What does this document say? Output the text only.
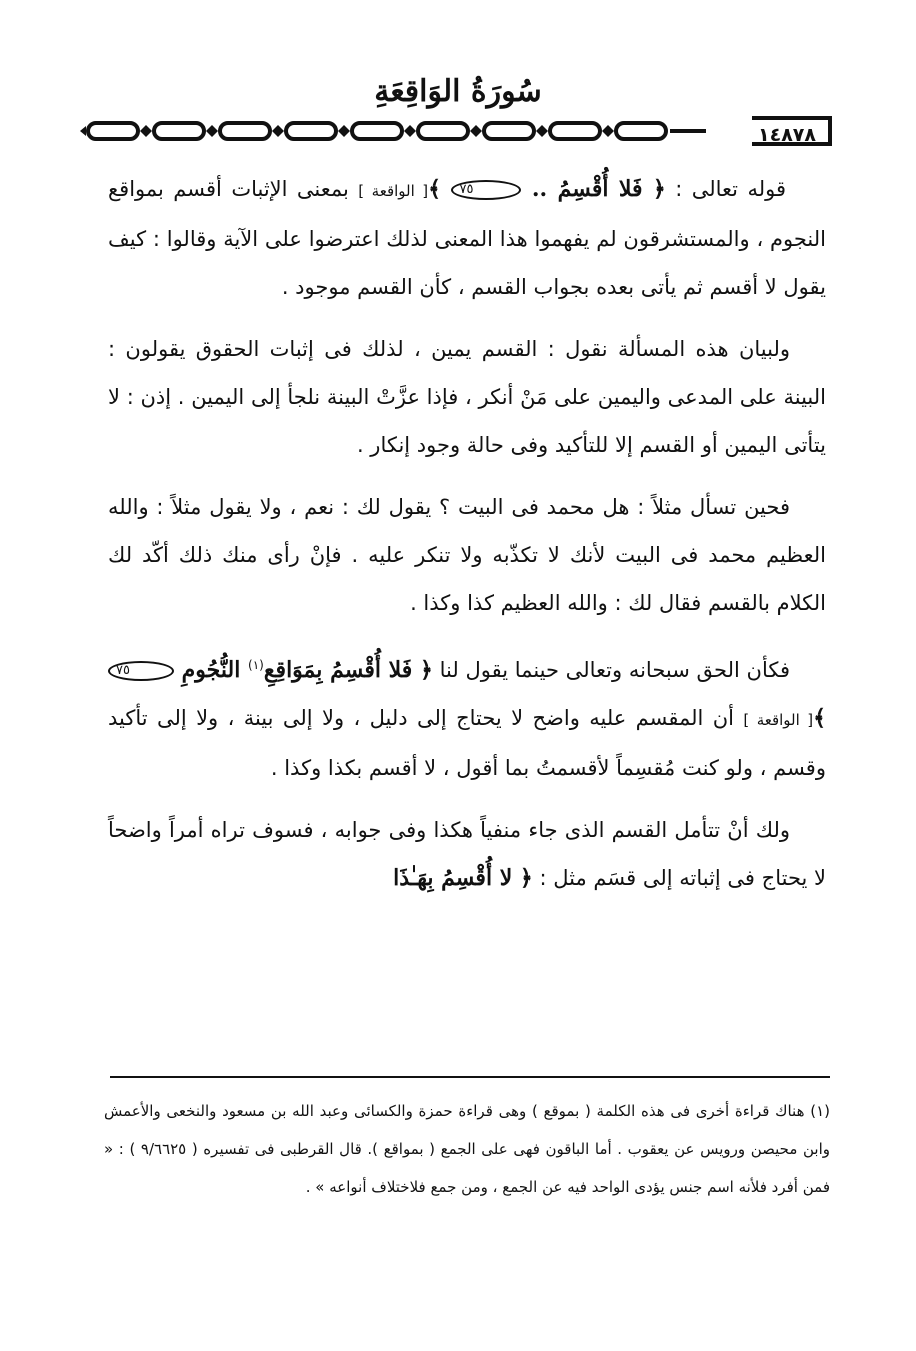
سُورَةُ الوَاقِعَةِ
١٤٨٧٨

قوله تعالى : ﴿ فَلا أُقْسِمُ .. ٧٥ ﴾[ الواقعة ] بمعنى الإثبات أقسم بمواقع النجوم ، والمستشرقون لم يفهموا هذا المعنى لذلك اعترضوا على الآية وقالوا : كيف يقول لا أقسم ثم يأتى بعده بجواب القسم ، كأن القسم موجود .

ولبيان هذه المسألة نقول : القسم يمين ، لذلك فى إثبات الحقوق يقولون : البينة على المدعى واليمين على مَنْ أنكر ، فإذا عزَّتْ البينة نلجأ إلى اليمين . إذن : لا يتأتى اليمين أو القسم إلا للتأكيد وفى حالة وجود إنكار .

فحين تسأل مثلاً : هل محمد فى البيت ؟ يقول لك : نعم ، ولا يقول مثلاً : والله العظيم محمد فى البيت لأنك لا تكذّبه ولا تنكر عليه . فإنْ رأى منك ذلك أكّد لك الكلام بالقسم فقال لك : والله العظيم كذا وكذا .

فكأن الحق سبحانه وتعالى حينما يقول لنا ﴿ فَلا أُقْسِمُ بِمَوَاقِعِ$^{(١)}$ النُّجُومِ ٧٥ ﴾[ الواقعة ] أن المقسم عليه واضح لا يحتاج إلى دليل ، ولا إلى بينة ، ولا إلى تأكيد وقسم ، ولو كنت مُقسِماً لأقسمتُ بما أقول ، لا أقسم بكذا وكذا .

ولك أنْ تتأمل القسم الذى جاء منفياً هكذا وفى جوابه ، فسوف تراه أمراً واضحاً لا يحتاج فى إثباته إلى قسَم مثل : ﴿ لا أُقْسِمُ بِهَـٰذَا

(١) هناك قراءة أخرى فى هذه الكلمة ( بموقع ) وهى قراءة حمزة والكسائى وعبد الله بن مسعود والنخعى والأعمش وابن محيصن ورويس عن يعقوب . أما الباقون فهى على الجمع ( بمواقع ). قال القرطبى فى تفسيره ( ٩/٦٦٢٥ ) : « فمن أفرد فلأنه اسم جنس يؤدى الواحد فيه عن الجمع ، ومن جمع فلاختلاف أنواعه » .
